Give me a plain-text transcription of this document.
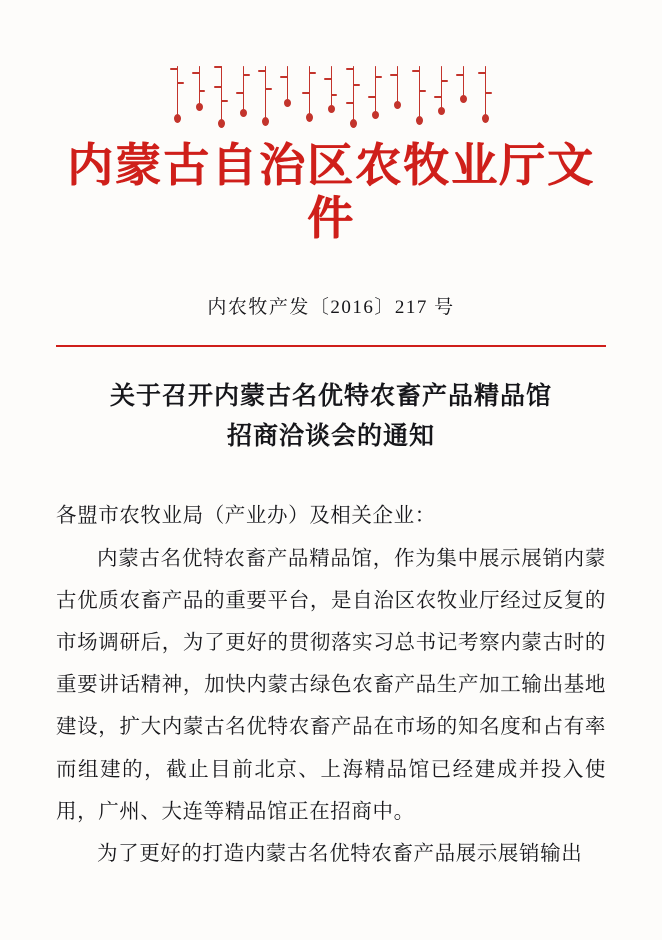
内蒙古自治区农牧业厅文件
内农牧产发〔2016〕217 号
关于召开内蒙古名优特农畜产品精品馆
招商洽谈会的通知

各盟市农牧业局（产业办）及相关企业：

内蒙古名优特农畜产品精品馆，作为集中展示展销内蒙古优质农畜产品的重要平台，是自治区农牧业厅经过反复的市场调研后，为了更好的贯彻落实习总书记考察内蒙古时的重要讲话精神，加快内蒙古绿色农畜产品生产加工输出基地建设，扩大内蒙古名优特农畜产品在市场的知名度和占有率而组建的，截止目前北京、上海精品馆已经建成并投入使用，广州、大连等精品馆正在招商中。

为了更好的打造内蒙古名优特农畜产品展示展销输出
